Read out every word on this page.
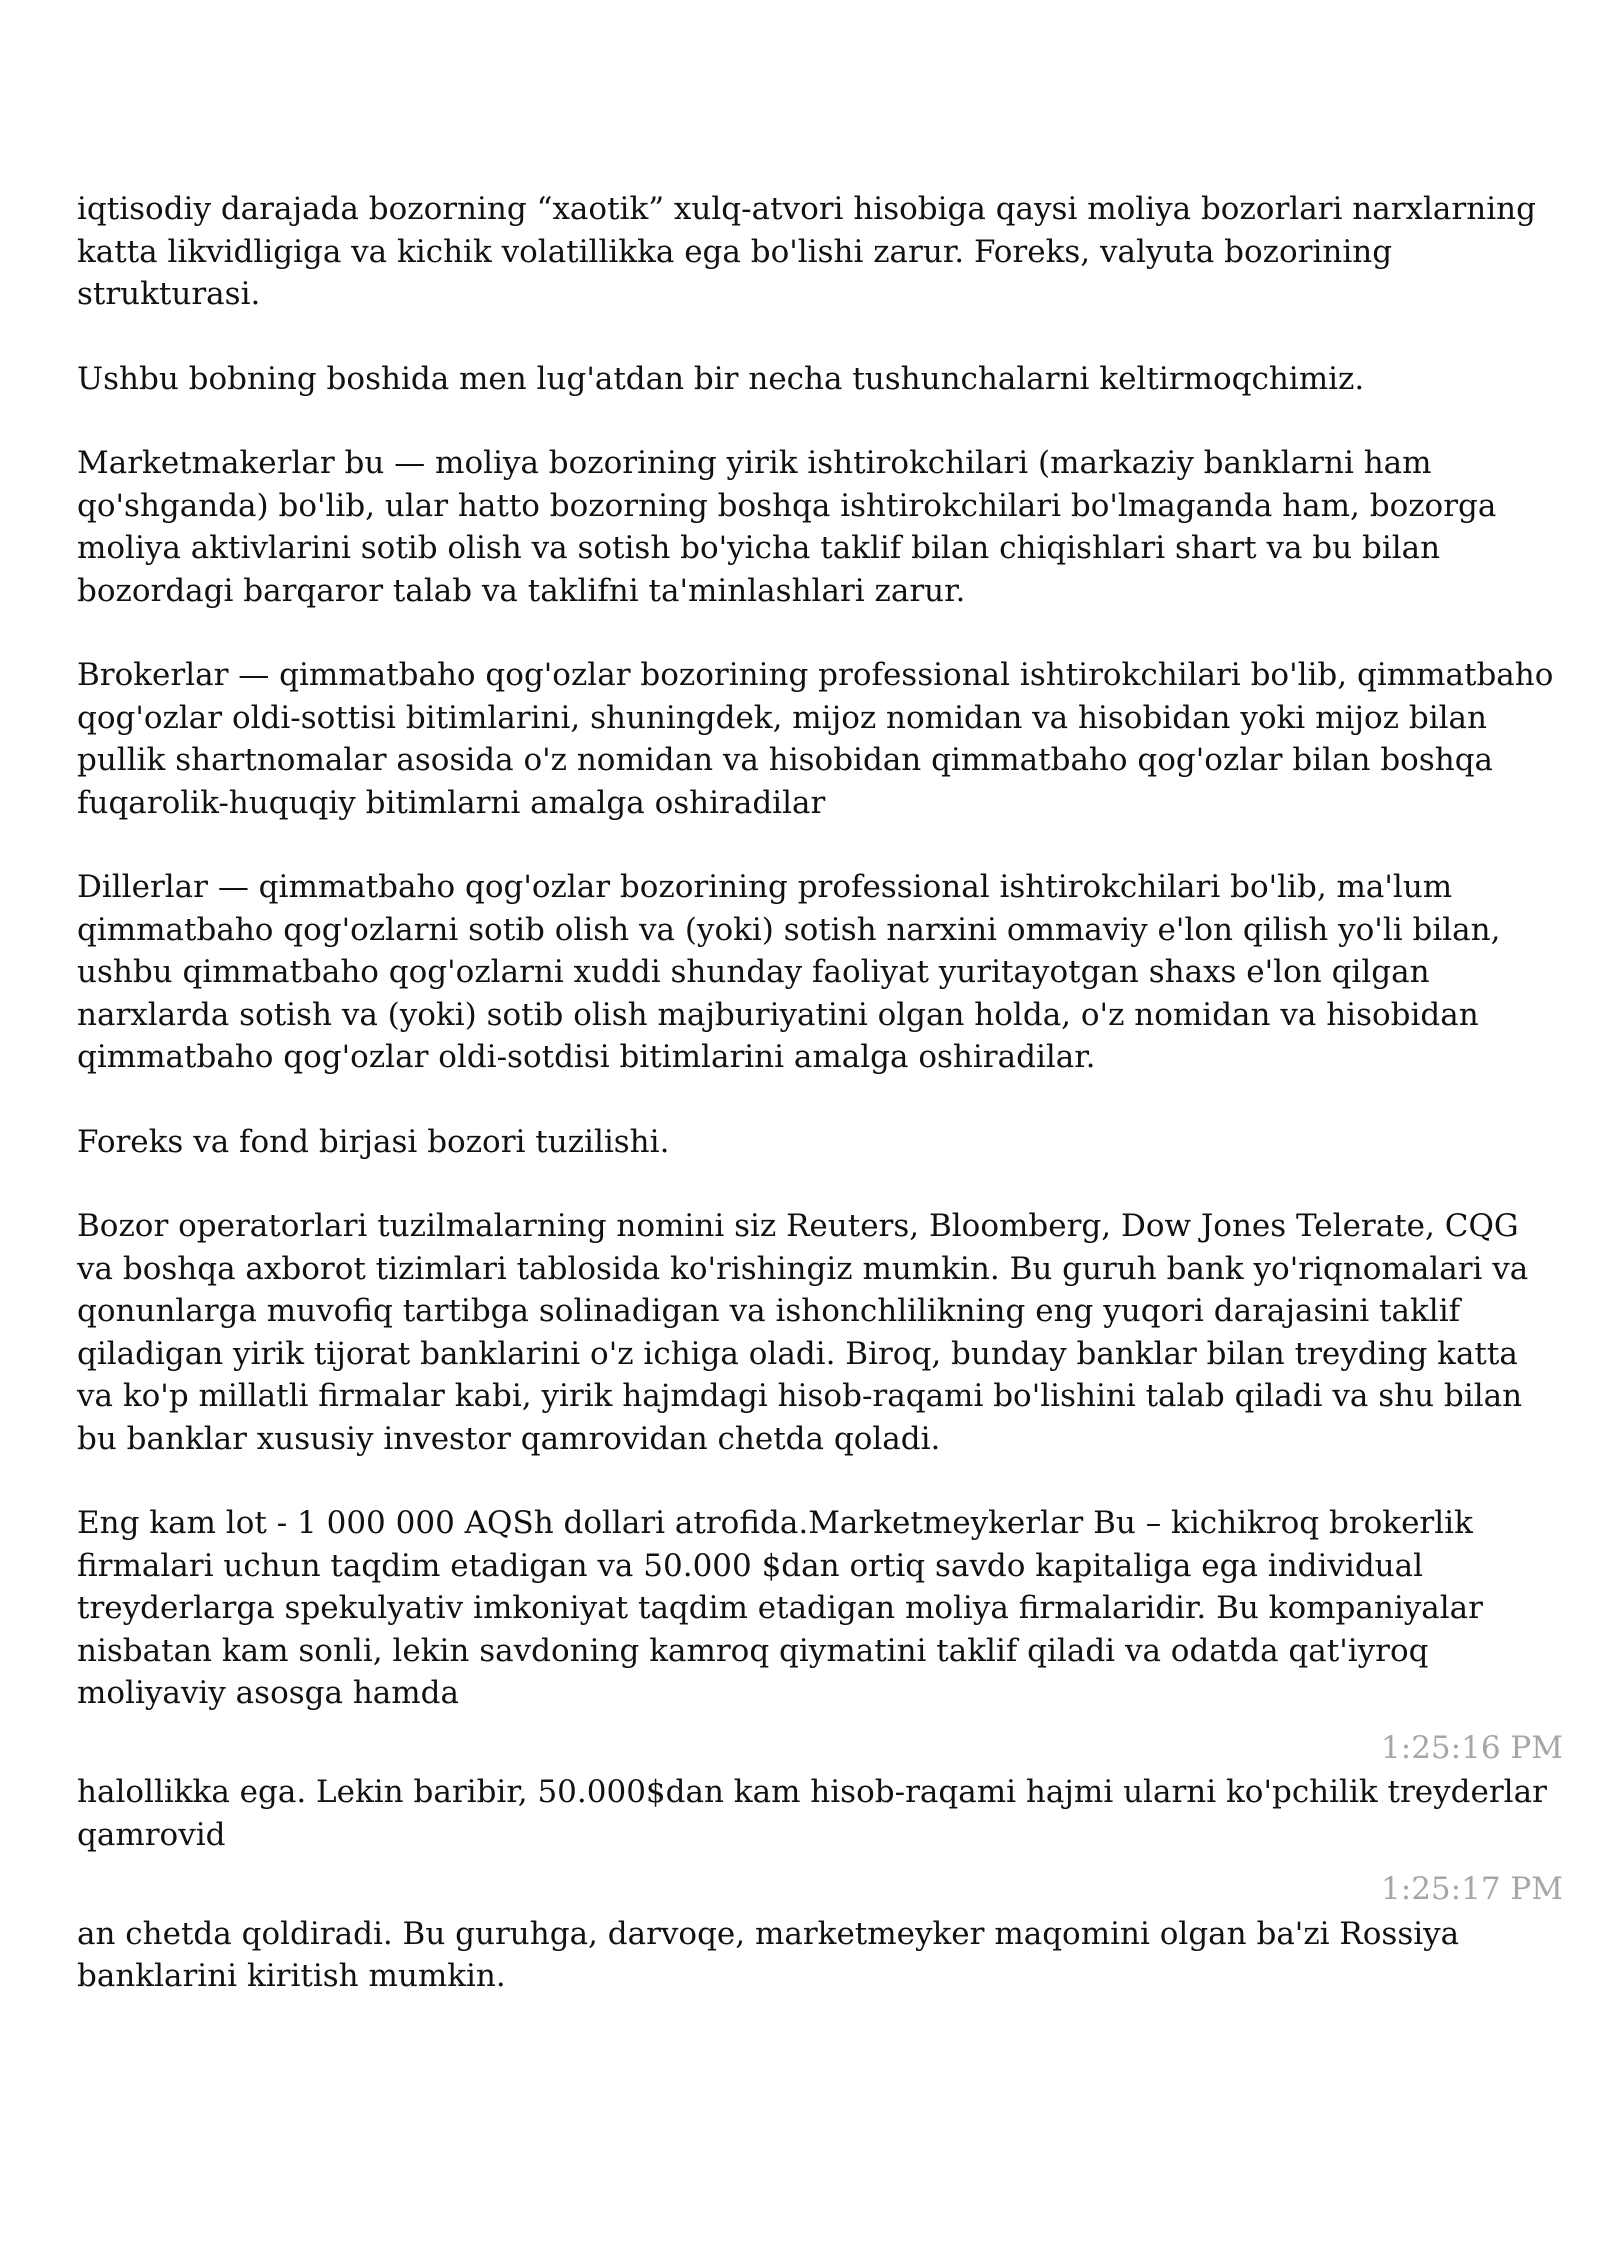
iqtisodiy darajada bozorning “xaotik” xulq-atvori hisobiga qaysi moliya bozorlari narxlarning katta likvidligiga va kichik volatillikka ega bo'lishi zarur. Foreks, valyuta bozorining strukturasi.

Ushbu bobning boshida men lug'atdan bir necha tushunchalarni keltirmoqchimiz.

Marketmakerlar bu — moliya bozorining yirik ishtirokchilari (markaziy banklarni ham qo'shganda) bo'lib, ular hatto bozorning boshqa ishtirokchilari bo'lmaganda ham, bozorga moliya aktivlarini sotib olish va sotish bo'yicha taklif bilan chiqishlari shart va bu bilan bozordagi barqaror talab va taklifni ta'minlashlari zarur.

Brokerlar — qimmatbaho qog'ozlar bozorining professional ishtirokchilari bo'lib, qimmatbaho qog'ozlar oldi-sottisi bitimlarini, shuningdek, mijoz nomidan va hisobidan yoki mijoz bilan pullik shartnomalar asosida o'z nomidan va hisobidan qimmatbaho qog'ozlar bilan boshqa fuqarolik-huquqiy bitimlarni amalga oshiradilar

Dillerlar — qimmatbaho qog'ozlar bozorining professional ishtirokchilari bo'lib, ma'lum qimmatbaho qog'ozlarni sotib olish va (yoki) sotish narxini ommaviy e'lon qilish yo'li bilan, ushbu qimmatbaho qog'ozlarni xuddi shunday faoliyat yuritayotgan shaxs e'lon qilgan narxlarda sotish va (yoki) sotib olish majburiyatini olgan holda, o'z nomidan va hisobidan qimmatbaho qog'ozlar oldi-sotdisi bitimlarini amalga oshiradilar.

Foreks va fond birjasi bozori tuzilishi.

Bozor operatorlari tuzilmalarning nomini siz Reuters, Bloomberg, Dow Jones Telerate, CQG va boshqa axborot tizimlari tablosida ko'rishingiz mumkin. Bu guruh bank yo'riqnomalari va qonunlarga muvofiq tartibga solinadigan va ishonchlilikning eng yuqori darajasini taklif qiladigan yirik tijorat banklarini o'z ichiga oladi. Biroq, bunday banklar bilan treyding katta va ko'p millatli firmalar kabi, yirik hajmdagi hisob-raqami bo'lishini talab qiladi va shu bilan bu banklar xususiy investor qamrovidan chetda qoladi.

Eng kam lot - 1 000 000 AQSh dollari atrofida.Marketmeykerlar Bu – kichikroq brokerlik firmalari uchun taqdim etadigan va 50.000 $dan ortiq savdo kapitaliga ega individual treyderlarga spekulyativ imkoniyat taqdim etadigan moliya firmalaridir. Bu kompaniyalar nisbatan kam sonli, lekin savdoning kamroq qiymatini taklif qiladi va odatda qat'iyroq moliyaviy asosga hamda

1:25:16 PM

halollikka ega. Lekin baribir, 50.000$dan kam hisob-raqami hajmi ularni ko'pchilik treyderlar qamrovid

1:25:17 PM

an chetda qoldiradi. Bu guruhga, darvoqe, marketmeyker maqomini olgan ba'zi Rossiya banklarini kiritish mumkin.
